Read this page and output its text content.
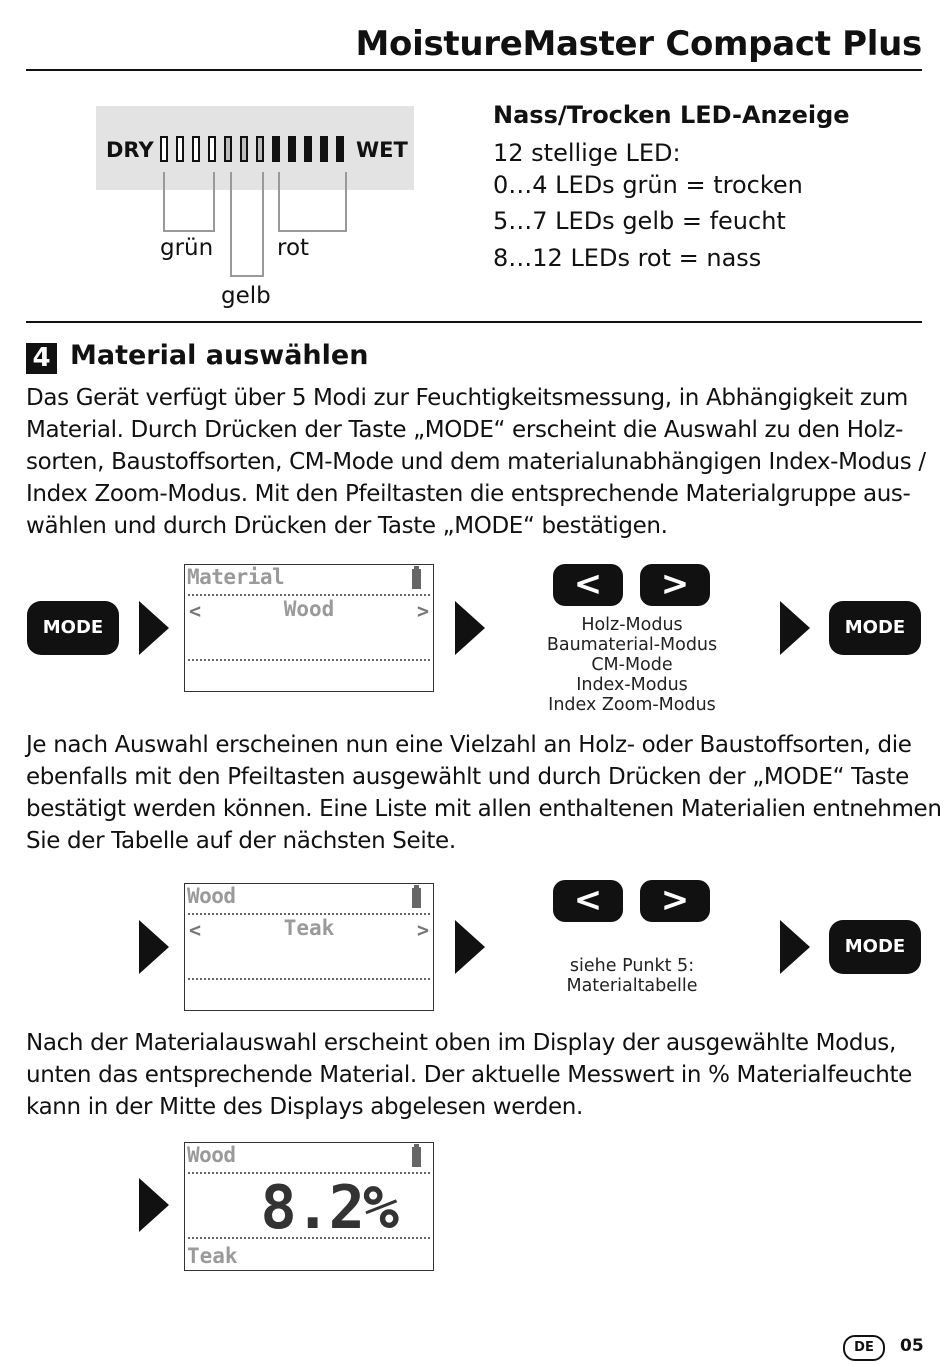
MoistureMaster Compact Plus
DRY	WET
grün	rot
gelb
Nass/Trocken LED-Anzeige
12 stellige LED:
0…4 LEDs grün = trocken
5…7 LEDs gelb = feucht
8…12 LEDs rot = nass
4 Material auswählen
Das Gerät verfügt über 5 Modi zur Feuchtigkeitsmessung, in Abhängigkeit zum
Material. Durch Drücken der Taste „MODE“ erscheint die Auswahl zu den Holz-
sorten, Baustoffsorten, CM-Mode und dem materialunabhängigen Index-Modus /
Index Zoom-Modus. Mit den Pfeiltasten die entsprechende Materialgruppe aus-
wählen und durch Drücken der Taste „MODE“ bestätigen.
MODE
Material
<	Wood	>
<	>
Holz-Modus
Baumaterial-Modus
CM-Mode
Index-Modus
Index Zoom-Modus
MODE
Je nach Auswahl erscheinen nun eine Vielzahl an Holz- oder Baustoffsorten, die
ebenfalls mit den Pfeiltasten ausgewählt und durch Drücken der „MODE“ Taste
bestätigt werden können. Eine Liste mit allen enthaltenen Materialien entnehmen
Sie der Tabelle auf der nächsten Seite.
Wood
<	Teak	>
<	>
siehe Punkt 5:
Materialtabelle
MODE
Nach der Materialauswahl erscheint oben im Display der ausgewählte Modus,
unten das entsprechende Material. Der aktuelle Messwert in % Materialfeuchte
kann in der Mitte des Displays abgelesen werden.
Wood
8.2%
Teak
DE	05
